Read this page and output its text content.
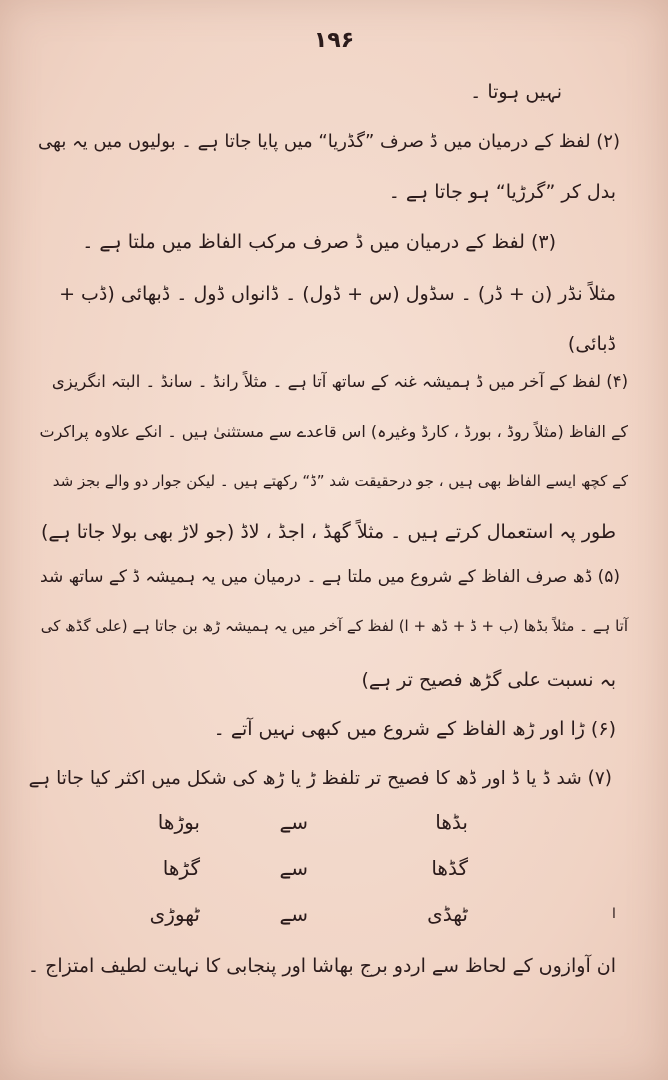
۱۹۶
نہیں ہوتا ۔
(۲) لفظ کے درمیان میں ڈ صرف ”گڈریا“ میں پایا جاتا ہے ۔ بولیوں میں یہ بھی
بدل کر ”گرڑیا“ ہو جاتا ہے ۔
(۳) لفظ کے درمیان میں ڈ صرف مرکب الفاظ میں ملتا ہے ۔
مثلاً نڈر (ن + ڈر) ۔ سڈول (س + ڈول) ۔ ڈانواں ڈول ۔ ڈبھائی (ڈب +
ڈبائی)
(۴) لفظ کے آخر میں ڈ ہمیشہ غنہ کے ساتھ آتا ہے ۔ مثلاً رانڈ ۔ سانڈ ۔ البتہ انگریزی
کے الفاظ (مثلاً روڈ ، بورڈ ، کارڈ وغیرہ) اس قاعدے سے مستثنیٰ ہیں ۔ انکے علاوہ پراکرت
کے کچھ ایسے الفاظ بھی ہیں ، جو درحقیقت شد ”ڈ“ رکھتے ہیں ۔ لیکن جوار دو والے بجز شد
طور پہ استعمال کرتے ہیں ۔ مثلاً گھڈ ، اجڈ ، لاڈ (جو لاڑ بھی بولا جاتا ہے)
(۵) ڈھ صرف الفاظ کے شروع میں ملتا ہے ۔ درمیان میں یہ ہمیشہ ڈ کے ساتھ شد
آتا ہے ۔ مثلاً بڈھا (ب + ڈ + ڈھ + ا) لفظ کے آخر میں یہ ہمیشہ ڑھ بن جاتا ہے (علی گڈھ کی
بہ نسبت علی گڑھ فصیح تر ہے)
(۶) ڑا اور ڑھ الفاظ کے شروع میں کبھی نہیں آتے ۔
(۷) شد ڈ یا ڈ اور ڈھ کا فصیح تر تلفظ ڑ یا ڑھ کی شکل میں اکثر کیا جاتا ہے
بڈھا
سے
بوڑھا
گڈھا
سے
گڑھا
ٹھڈی
سے
ٹھوڑی	ا
ان آوازوں کے لحاظ سے اردو برج بھاشا اور پنجابی کا نہایت لطیف امتزاج ۔
